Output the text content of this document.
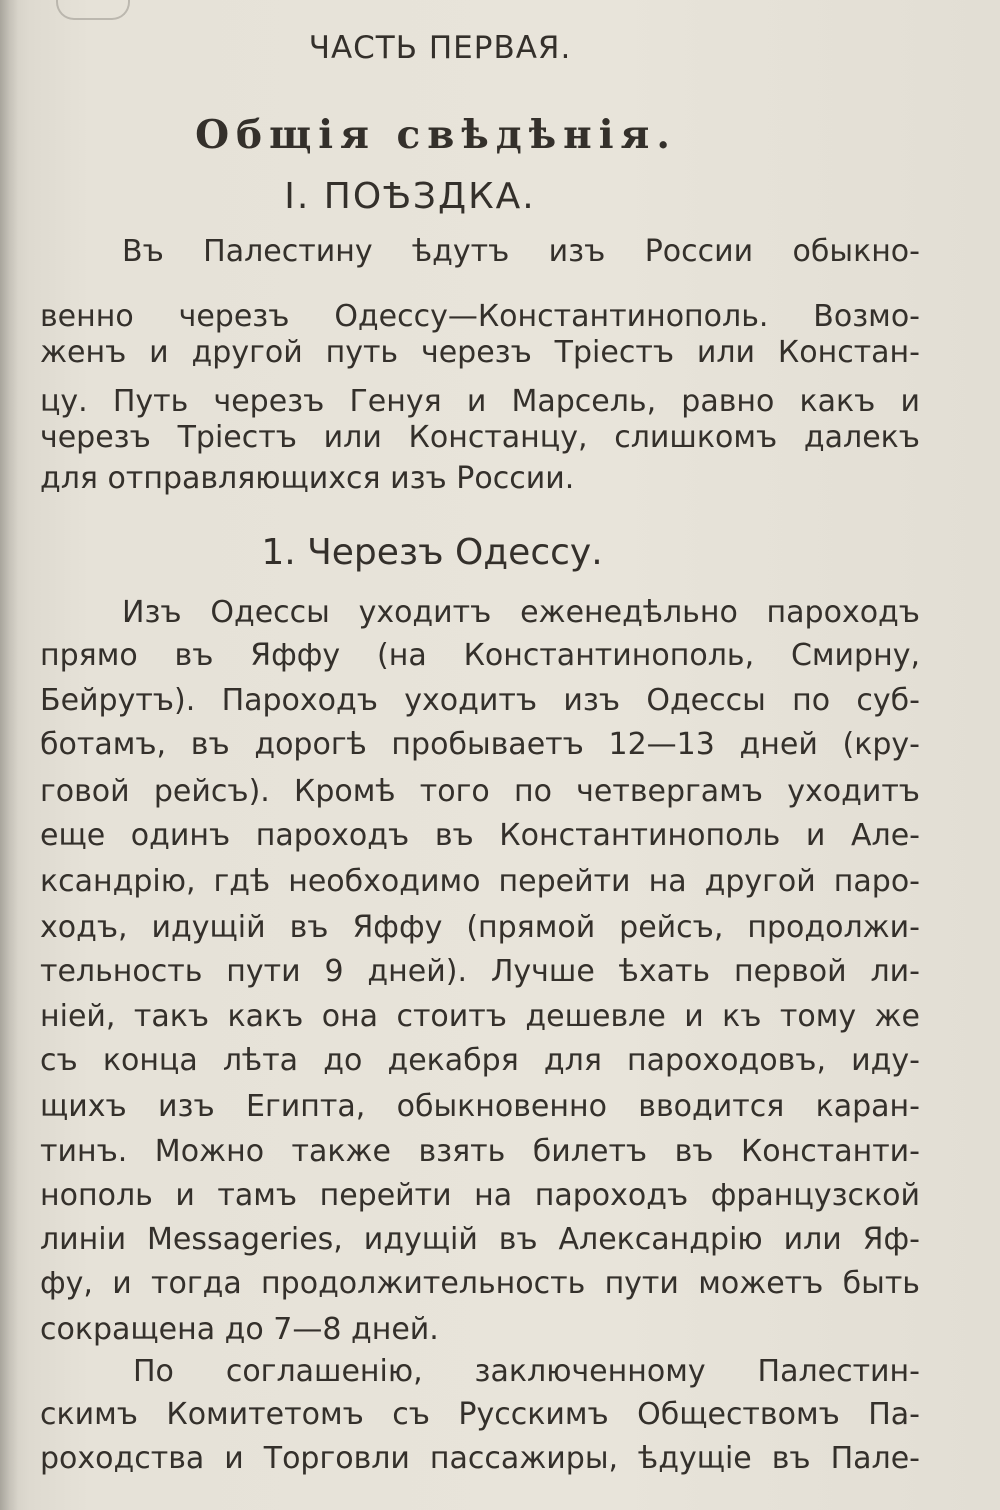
ЧАСТЬ ПЕРВАЯ.
Общія свѣдѣнія.
I. ПОѢЗДКА.
Въ Палестину ѣдутъ изъ России обыкно-
венно черезъ Одессу—Константинополь. Возмо-
женъ и другой путь черезъ Тріестъ или Констан-
цу. Путь черезъ Генуя и Марсель, равно какъ и
черезъ Тріестъ или Констанцу, слишкомъ далекъ
для отправляющихся изъ России.
1. Черезъ Одессу.
Изъ Одессы уходитъ еженедѣльно пароходъ
прямо въ Яффу (на Константинополь, Смирну,
Бейрутъ). Пароходъ уходитъ изъ Одессы по суб-
ботамъ, въ дорогѣ пробываетъ 12—13 дней (кру-
говой рейсъ). Кромѣ того по четвергамъ уходитъ
еще одинъ пароходъ въ Константинополь и Але-
ксандрію, гдѣ необходимо перейти на другой паро-
ходъ, идущій въ Яффу (прямой рейсъ, продолжи-
тельность пути 9 дней). Лучше ѣхать первой ли-
ніей, такъ какъ она стоитъ дешевле и къ тому же
съ конца лѣта до декабря для пароходовъ, иду-
щихъ изъ Египта, обыкновенно вводится каран-
тинъ. Можно также взять билетъ въ Константи-
нополь и тамъ перейти на пароходъ французской
линіи Messageries, идущій въ Александрію или Яф-
фу, и тогда продолжительность пути можетъ быть
сокращена до 7—8 дней.
По соглашенію, заключенному Палестин-
скимъ Комитетомъ съ Русскимъ Обществомъ Па-
роходства и Торговли пассажиры, ѣдущіе въ Пале-
